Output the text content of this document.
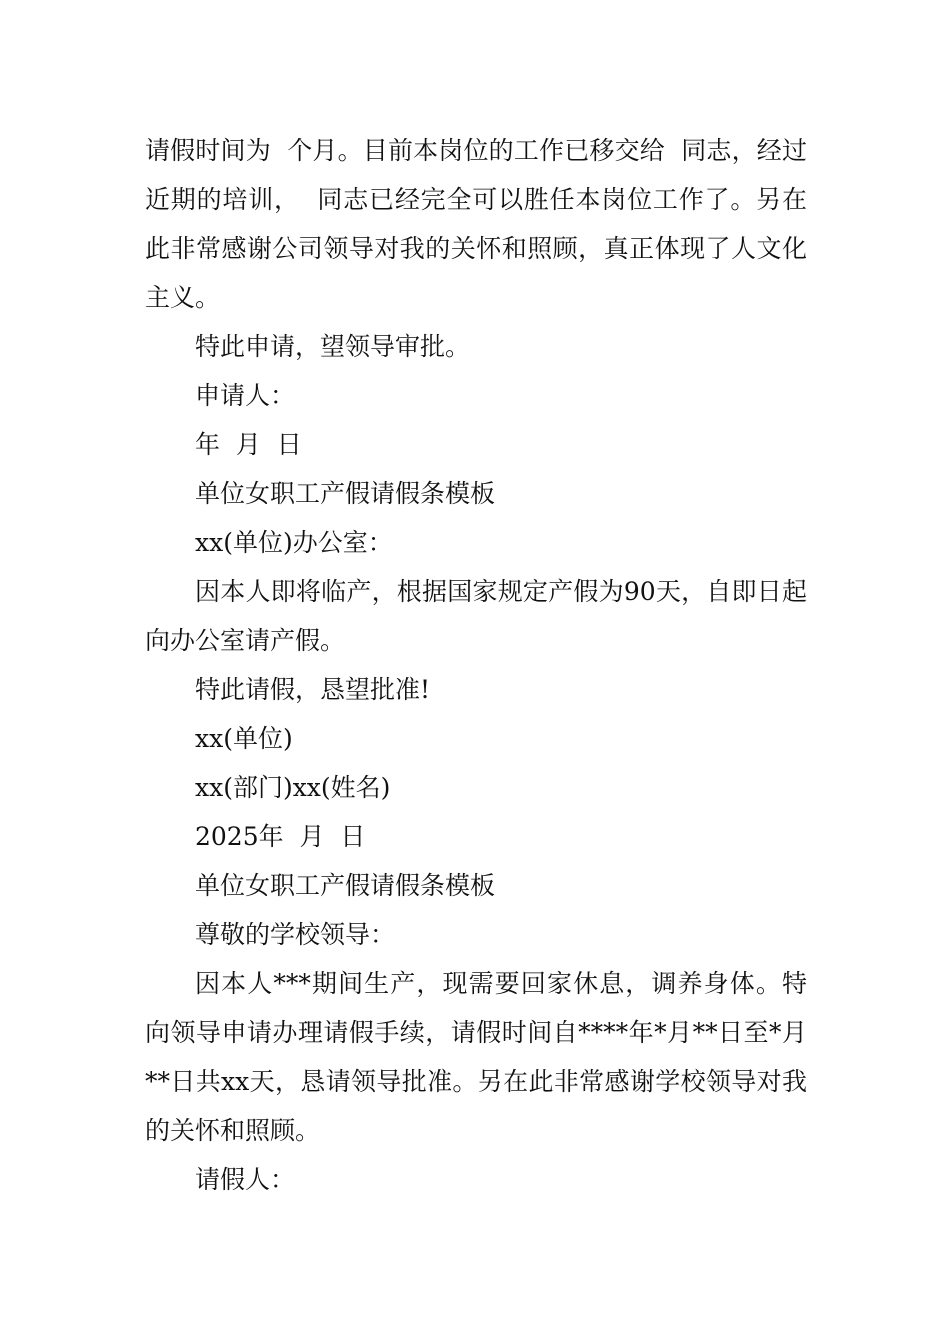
请假时间为  个月。目前本岗位的工作已移交给  同志，经过近期的培训，  同志已经完全可以胜任本岗位工作了。另在此非常感谢公司领导对我的关怀和照顾，真正体现了人文化主义。

特此申请，望领导审批。

申请人：

年  月  日

单位女职工产假请假条模板

xx(单位)办公室：

因本人即将临产，根据国家规定产假为90天，自即日起向办公室请产假。

特此请假，恳望批准!

xx(单位)

xx(部门)xx(姓名)

2025年  月  日

单位女职工产假请假条模板

尊敬的学校领导：

因本人***期间生产，现需要回家休息，调养身体。特向领导申请办理请假手续，请假时间自****年*月**日至*月**日共xx天，恳请领导批准。另在此非常感谢学校领导对我的关怀和照顾。

请假人：
